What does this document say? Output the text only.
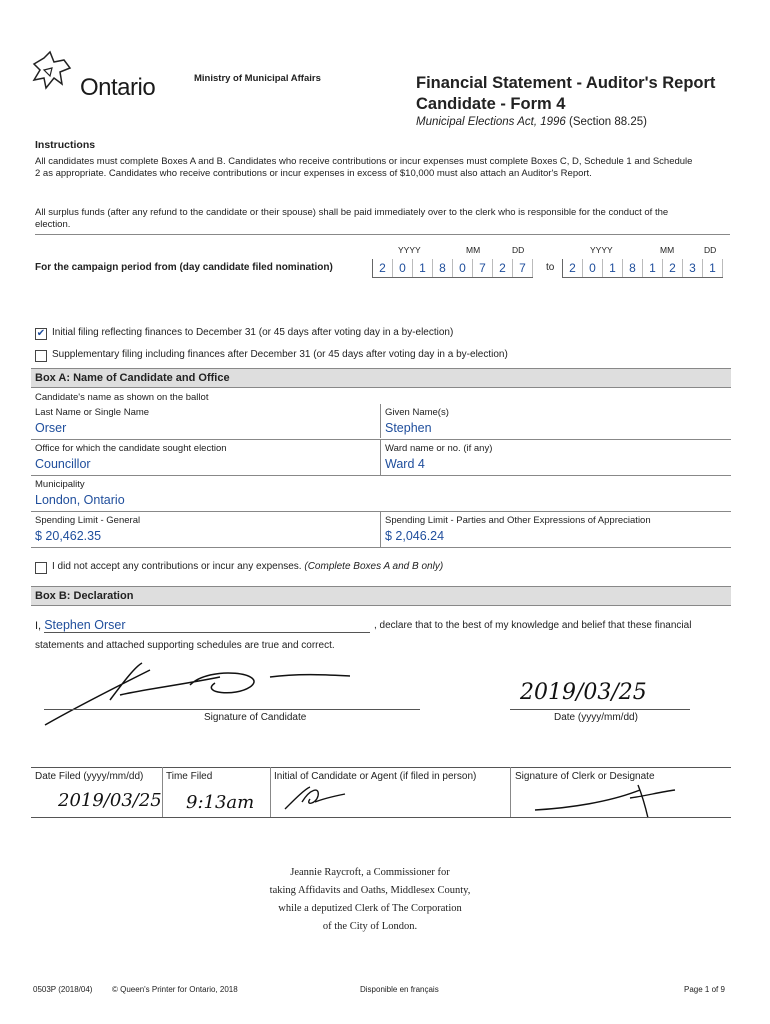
Ontario	Ministry of Municipal Affairs	Financial Statement - Auditor's Report
Candidate - Form 4
Municipal Elections Act, 1996 (Section 88.25)
Instructions
All candidates must complete Boxes A and B. Candidates who receive contributions or incur expenses must complete Boxes C, D, Schedule 1 and Schedule 2 as appropriate. Candidates who receive contributions or incur expenses in excess of $10,000 must also attach an Auditor's Report.
All surplus funds (after any refund to the candidate or their spouse) shall be paid immediately over to the clerk who is responsible for the conduct of the election.
YYYY	MM	DD	YYYY	MM	DD
For the campaign period from (day candidate filed nomination)	2	0	1	8	0	7	2	7	to	2	0	1	8	1	2	3	1
✔ Initial filing reflecting finances to December 31 (or 45 days after voting day in a by-election)
Supplementary filing including finances after December 31 (or 45 days after voting day in a by-election)
Box A: Name of Candidate and Office
Candidate's name as shown on the ballot
Last Name or Single Name
Orser
Given Name(s)
Stephen
Office for which the candidate sought election
Councillor
Ward name or no. (if any)
Ward 4
Municipality
London, Ontario
Spending Limit - General
$ 20,462.35
Spending Limit - Parties and Other Expressions of Appreciation
$ 2,046.24
I did not accept any contributions or incur any expenses. (Complete Boxes A and B only)
Box B: Declaration
I, Stephen Orser	, declare that to the best of my knowledge and belief that these financial
statements and attached supporting schedules are true and correct.
Signature of Candidate
2019/03/25
Date (yyyy/mm/dd)
Date Filed (yyyy/mm/dd)
2019/03/25
Time Filed
9:13am
Initial of Candidate or Agent (if filed in person)	Signature of Clerk or Designate
Jeannie Raycroft, a Commissioner for
taking Affidavits and Oaths, Middlesex County,
while a deputized Clerk of The Corporation
of the City of London.
0503P (2018/04) © Queen's Printer for Ontario, 2018	Disponible en français	Page 1 of 9
